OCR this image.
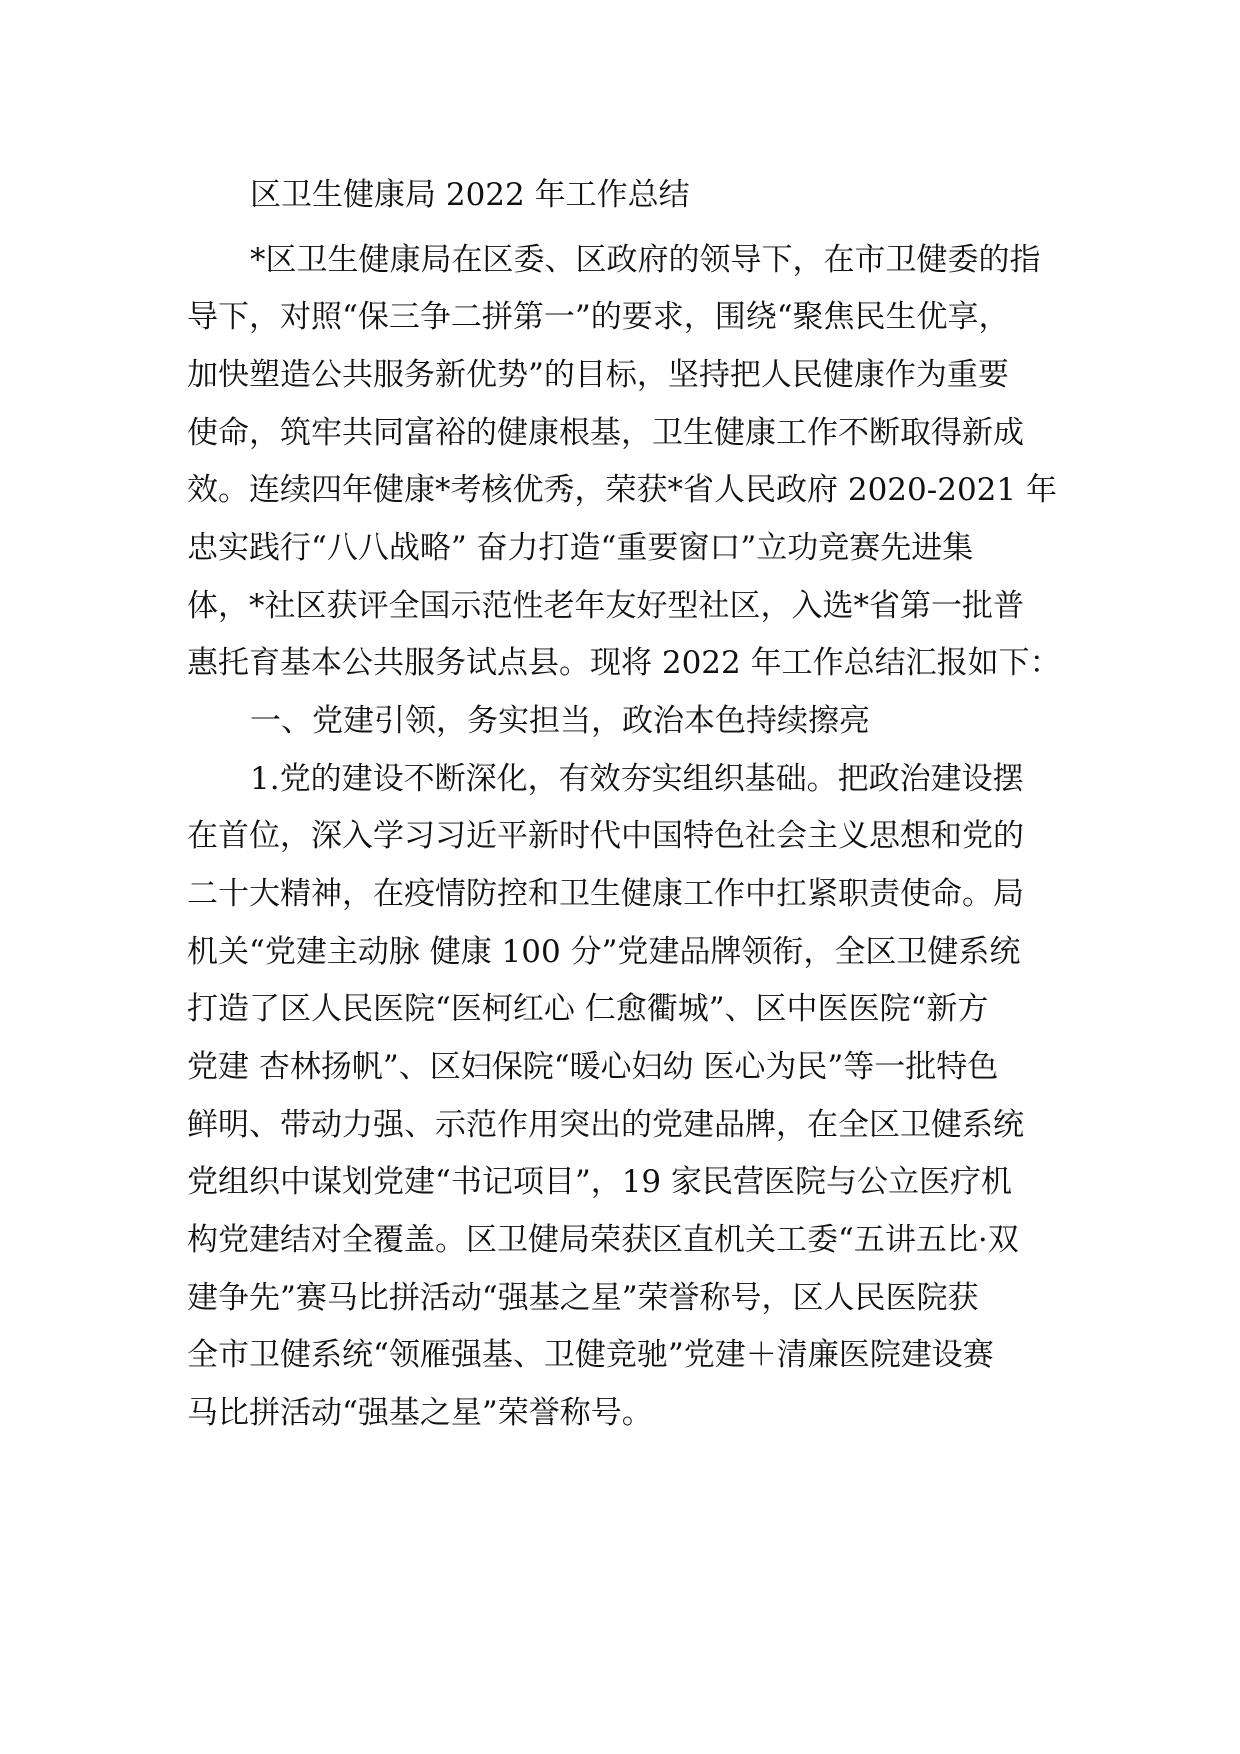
区卫生健康局 2022 年工作总结
*区卫生健康局在区委、区政府的领导下，在市卫健委的指
导下，对照“保三争二拼第一”的要求，围绕“聚焦民生优享，
加快塑造公共服务新优势”的目标，坚持把人民健康作为重要
使命，筑牢共同富裕的健康根基，卫生健康工作不断取得新成
效。连续四年健康*考核优秀，荣获*省人民政府 2020-2021 年
忠实践行“八八战略” 奋力打造“重要窗口”立功竞赛先进集
体，*社区获评全国示范性老年友好型社区，入选*省第一批普
惠托育基本公共服务试点县。现将 2022 年工作总结汇报如下：
一、党建引领，务实担当，政治本色持续擦亮
1.党的建设不断深化，有效夯实组织基础。把政治建设摆
在首位，深入学习习近平新时代中国特色社会主义思想和党的
二十大精神，在疫情防控和卫生健康工作中扛紧职责使命。局
机关“党建主动脉 健康 100 分”党建品牌领衔，全区卫健系统
打造了区人民医院“医柯红心 仁愈衢城”、区中医医院“新方
党建 杏林扬帆”、区妇保院“暖心妇幼 医心为民”等一批特色
鲜明、带动力强、示范作用突出的党建品牌，在全区卫健系统
党组织中谋划党建“书记项目”，19 家民营医院与公立医疗机
构党建结对全覆盖。区卫健局荣获区直机关工委“五讲五比·双
建争先”赛马比拼活动“强基之星”荣誉称号，区人民医院获
全市卫健系统“领雁强基、卫健竞驰”党建＋清廉医院建设赛
马比拼活动“强基之星”荣誉称号。
